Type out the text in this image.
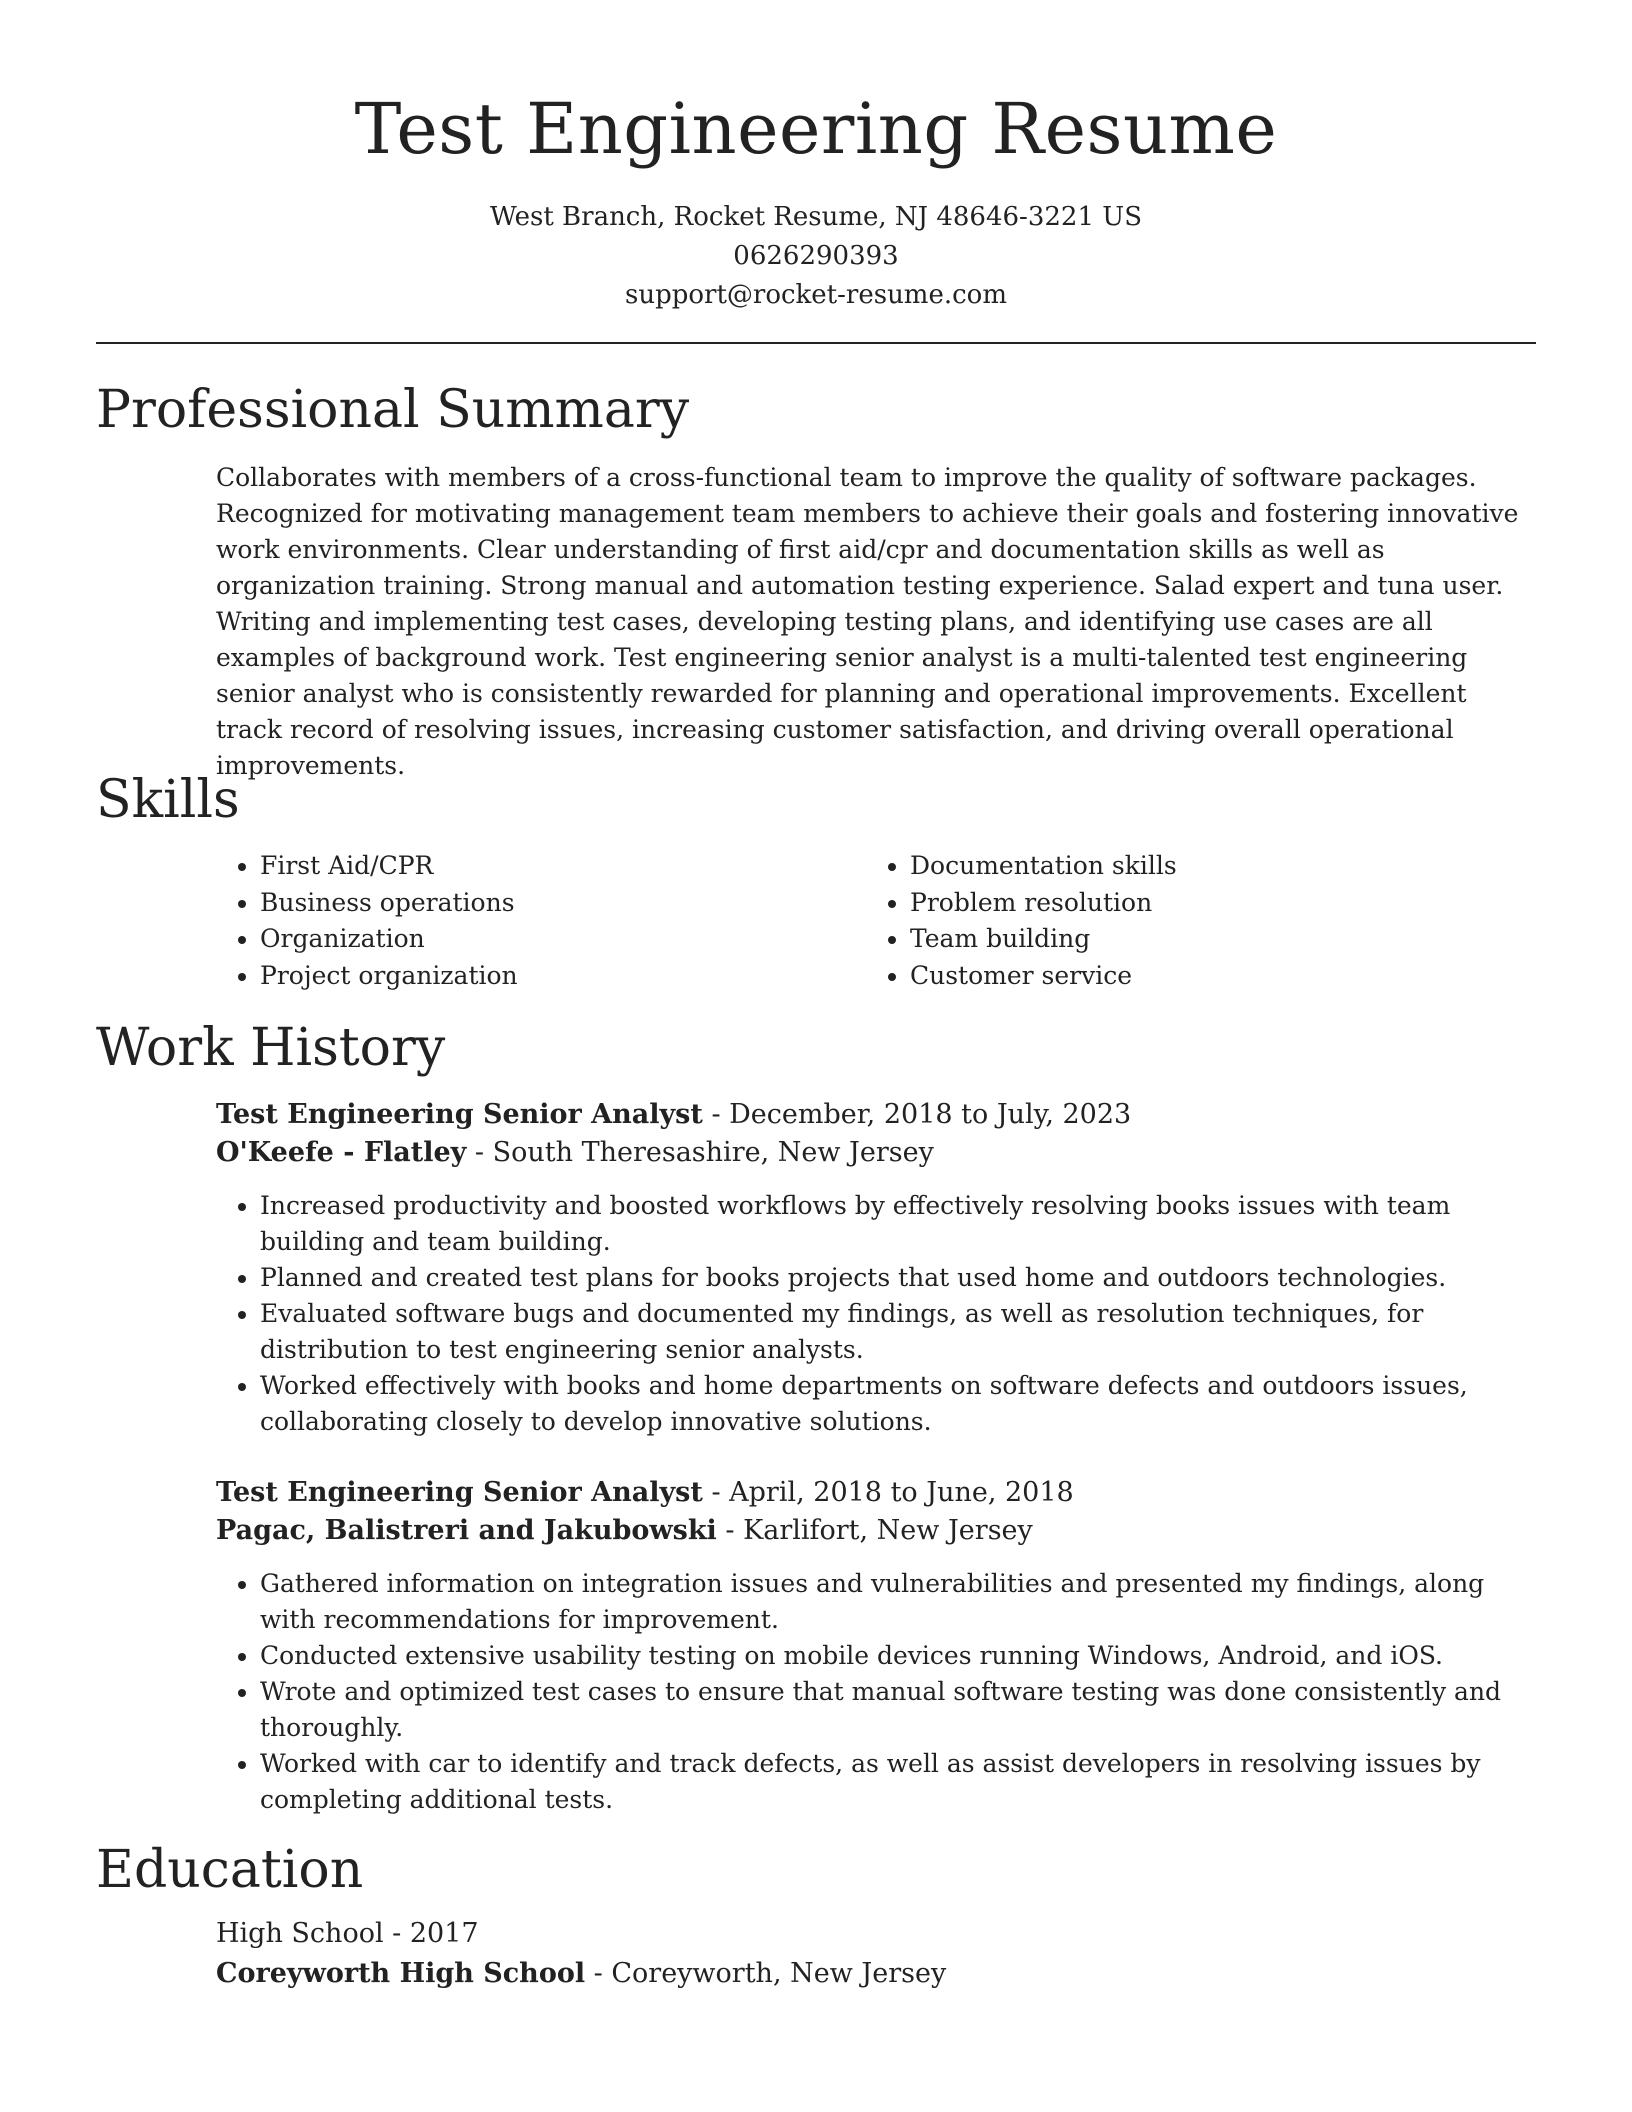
Test Engineering Resume
West Branch, Rocket Resume, NJ 48646-3221 US
0626290393
support@rocket-resume.com
Professional Summary
Collaborates with members of a cross-functional team to improve the quality of software packages. Recognized for motivating management team members to achieve their goals and fostering innovative work environments. Clear understanding of first aid/cpr and documentation skills as well as organization training. Strong manual and automation testing experience. Salad expert and tuna user. Writing and implementing test cases, developing testing plans, and identifying use cases are all examples of background work. Test engineering senior analyst is a multi-talented test engineering senior analyst who is consistently rewarded for planning and operational improvements. Excellent track record of resolving issues, increasing customer satisfaction, and driving overall operational improvements.
Skills
• First Aid/CPR
• Business operations
• Organization
• Project organization
• Documentation skills
• Problem resolution
• Team building
• Customer service
Work History
Test Engineering Senior Analyst - December, 2018 to July, 2023
O'Keefe - Flatley - South Theresashire, New Jersey
• Increased productivity and boosted workflows by effectively resolving books issues with team building and team building.
• Planned and created test plans for books projects that used home and outdoors technologies.
• Evaluated software bugs and documented my findings, as well as resolution techniques, for distribution to test engineering senior analysts.
• Worked effectively with books and home departments on software defects and outdoors issues, collaborating closely to develop innovative solutions.
Test Engineering Senior Analyst - April, 2018 to June, 2018
Pagac, Balistreri and Jakubowski - Karlifort, New Jersey
• Gathered information on integration issues and vulnerabilities and presented my findings, along with recommendations for improvement.
• Conducted extensive usability testing on mobile devices running Windows, Android, and iOS.
• Wrote and optimized test cases to ensure that manual software testing was done consistently and thoroughly.
• Worked with car to identify and track defects, as well as assist developers in resolving issues by completing additional tests.
Education
High School - 2017
Coreyworth High School - Coreyworth, New Jersey
